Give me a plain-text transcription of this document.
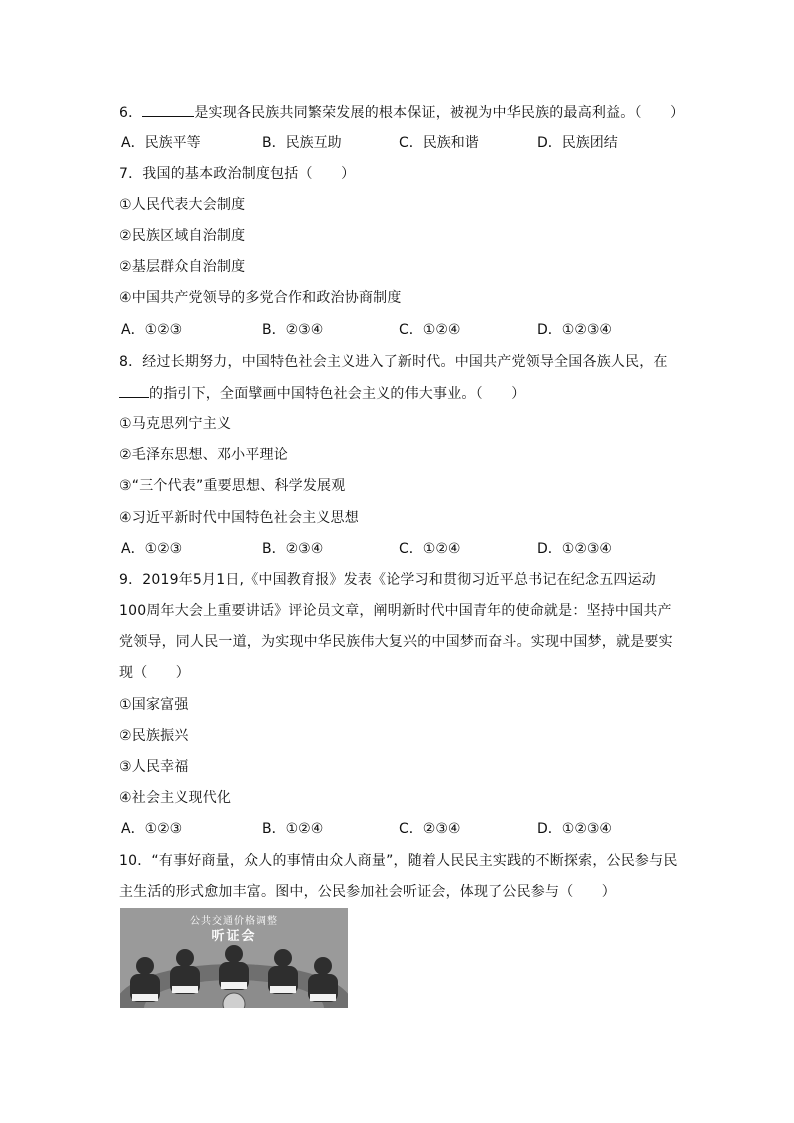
6．	是实现各民族共同繁荣发展的根本保证，被视为中华民族的最高利益。（　　）
A．民族平等	B．民族互助	C．民族和谐	D．民族团结
7．我国的基本政治制度包括（　　）
①人民代表大会制度
②民族区域自治制度
②基层群众自治制度
④中国共产党领导的多党合作和政治协商制度
A．①②③	B．②③④	C．①②④	D．①②③④
8．经过长期努力，中国特色社会主义进入了新时代。中国共产党领导全国各族人民，在
的指引下，全面擘画中国特色社会主义的伟大事业。（　　）
①马克思列宁主义
②毛泽东思想、邓小平理论
③“三个代表”重要思想、科学发展观
④习近平新时代中国特色社会主义思想
A．①②③	B．②③④	C．①②④	D．①②③④
9．2019年5月1日,《中国教育报》发表《论学习和贯彻习近平总书记在纪念五四运动
100周年大会上重要讲话》评论员文章，阐明新时代中国青年的使命就是：坚持中国共产
党领导，同人民一道，为实现中华民族伟大复兴的中国梦而奋斗。实现中国梦，就是要实
现（　　）
①国家富强
②民族振兴
③人民幸福
④社会主义现代化
A．①②③	B．①②④	C．②③④	D．①②③④
10．“有事好商量，众人的事情由众人商量”，随着人民民主实践的不断探索，公民参与民
主生活的形式愈加丰富。图中，公民参加社会听证会，体现了公民参与（　　）
公共交通价格调整
听证会
